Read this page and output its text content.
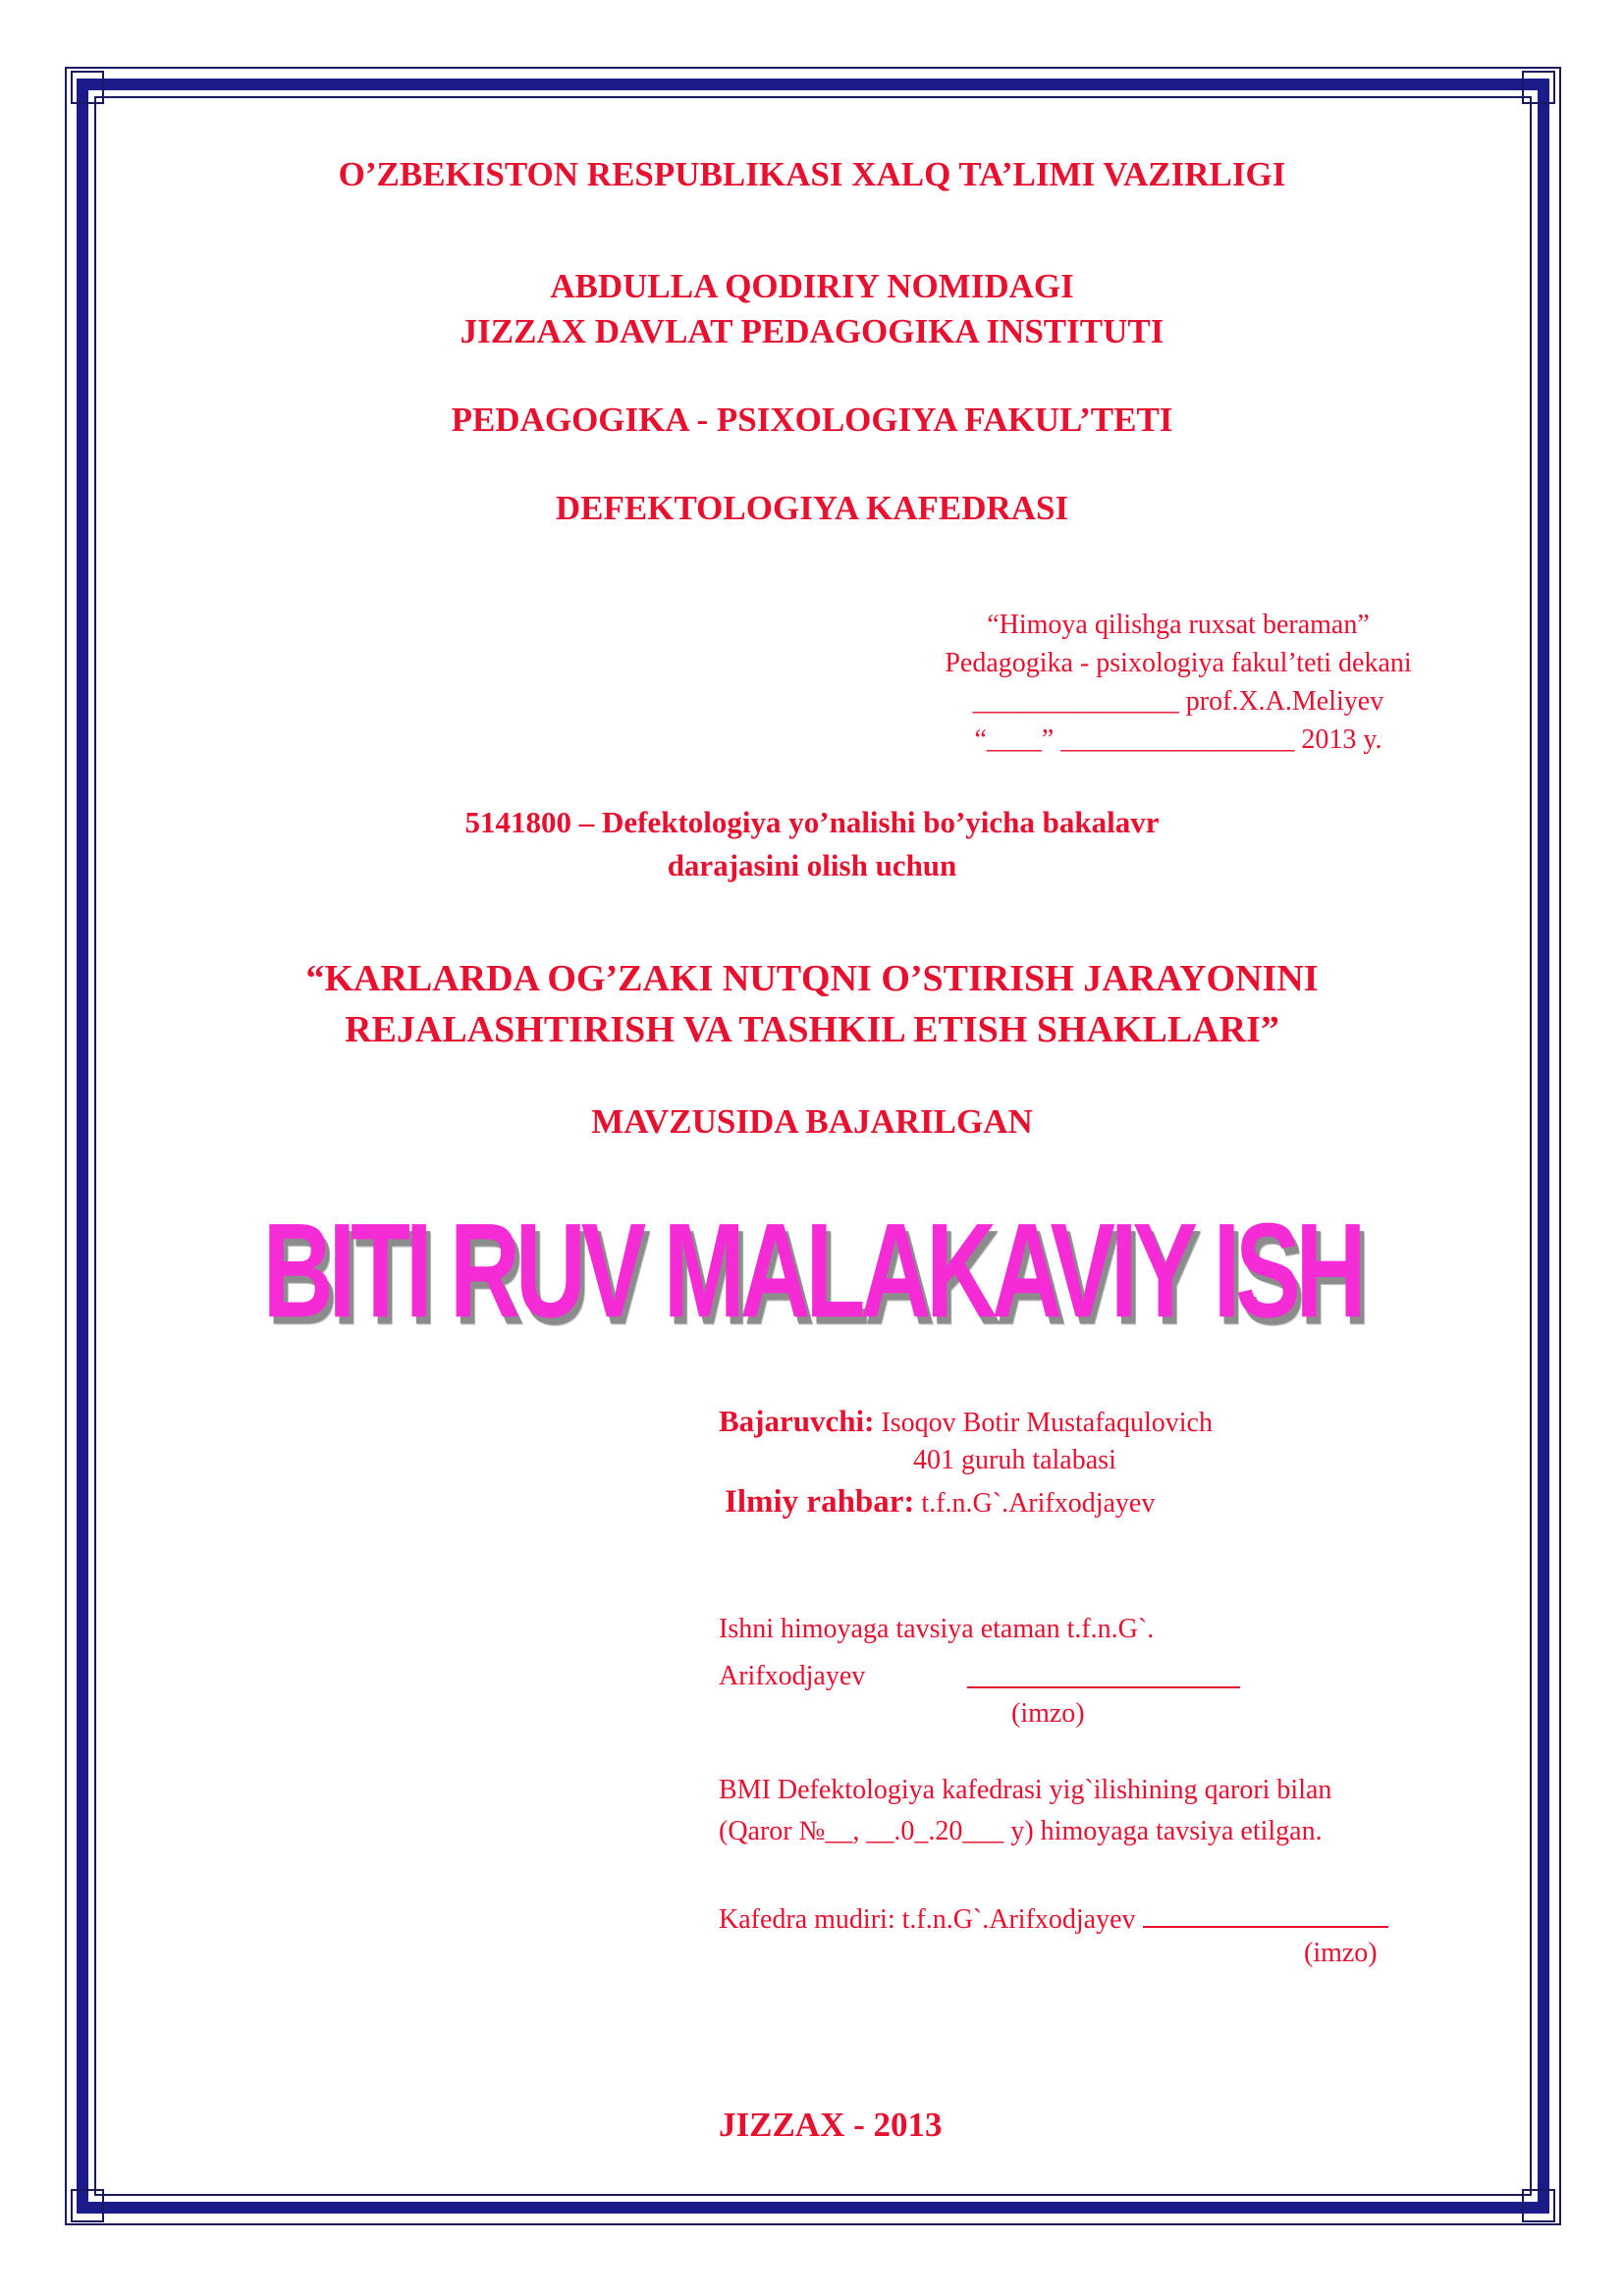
O’ZBEKISTON RESPUBLIKASI XALQ TA’LIMI VAZIRLIGI
ABDULLA QODIRIY NOMIDAGI
JIZZAX DAVLAT PEDAGOGIKA INSTITUTI
PEDAGOGIKA - PSIXOLOGIYA FAKUL’TETI
DEFEKTOLOGIYA KAFEDRASI
“Himoya qilishga ruxsat beraman”
Pedagogika - psixologiya fakul’teti dekani
_______________ prof.X.A.Meliyev
“____” _________________ 2013 y.
5141800 – Defektologiya yo’nalishi bo’yicha bakalavr
darajasini olish uchun
“KARLARDA OG’ZAKI NUTQNI O’STIRISH JARAYONINI
REJALASHTIRISH VA TASHKIL ETISH SHAKLLARI”
MAVZUSIDA BAJARILGAN
BITI RUV MALAKAVIY ISH
Bajaruvchi: Isoqov Botir Mustafaqulovich
401 guruh talabasi
Ilmiy rahbar: t.f.n.G`.Arifxodjayev
Ishni himoyaga tavsiya etaman t.f.n.G`.
Arifxodjayev
(imzo)
BMI Defektologiya kafedrasi yig`ilishining qarori bilan
(Qaror №__, __.0_.20___ y) himoyaga tavsiya etilgan.
Kafedra mudiri: t.f.n.G`.Arifxodjayev
(imzo)
JIZZAX - 2013
